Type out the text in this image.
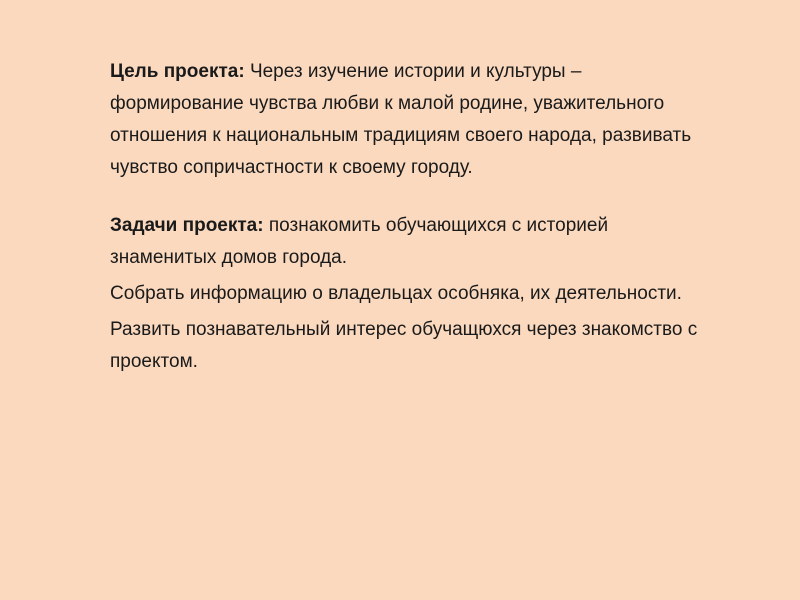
Цель проекта: Через изучение истории и культуры – формирование чувства любви к малой родине, уважительного отношения к национальным традициям своего народа, развивать чувство сопричастности к своему городу.

Задачи проекта: познакомить обучающихся с историей знаменитых домов города.

Собрать информацию о владельцах особняка, их деятельности.

Развить познавательный интерес обучащюхся через знакомство с проектом.
